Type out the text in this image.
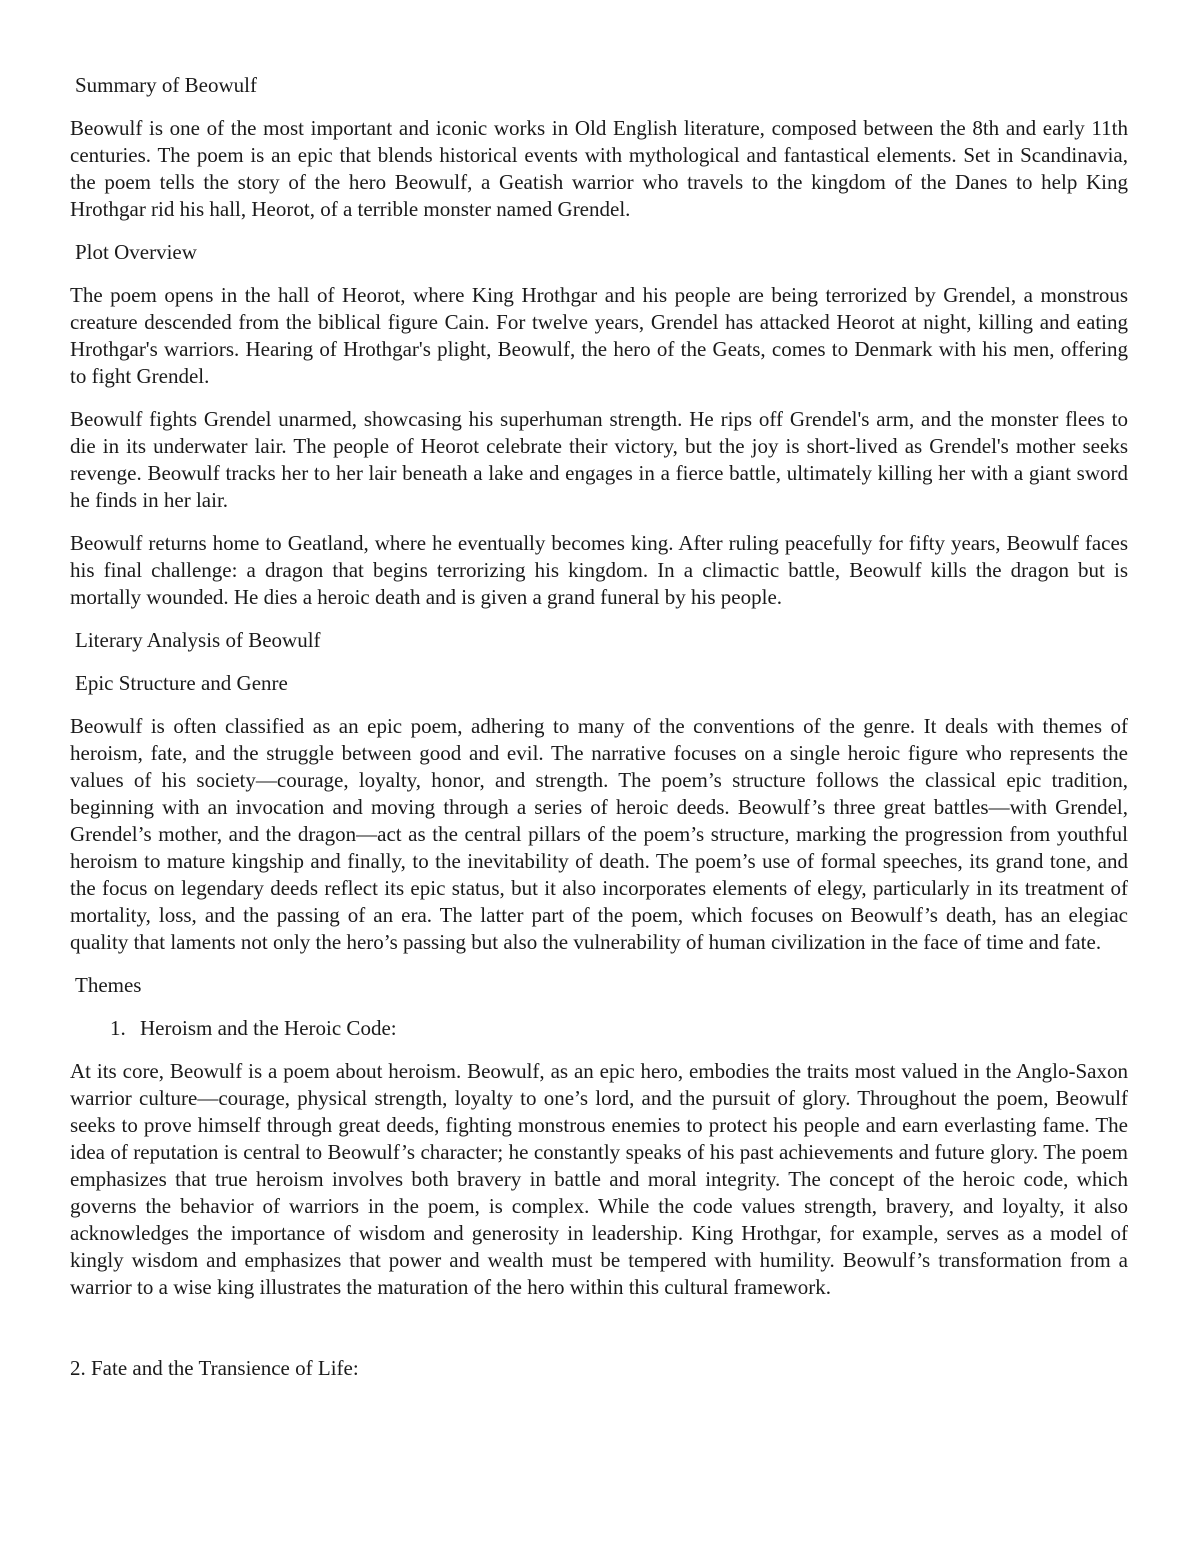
Summary of Beowulf
Beowulf is one of the most important and iconic works in Old English literature, composed between the 8th and early 11th centuries. The poem is an epic that blends historical events with mythological and fantastical elements. Set in Scandinavia, the poem tells the story of the hero Beowulf, a Geatish warrior who travels to the kingdom of the Danes to help King Hrothgar rid his hall, Heorot, of a terrible monster named Grendel.
Plot Overview
The poem opens in the hall of Heorot, where King Hrothgar and his people are being terrorized by Grendel, a monstrous creature descended from the biblical figure Cain. For twelve years, Grendel has attacked Heorot at night, killing and eating Hrothgar's warriors. Hearing of Hrothgar's plight, Beowulf, the hero of the Geats, comes to Denmark with his men, offering to fight Grendel.
Beowulf fights Grendel unarmed, showcasing his superhuman strength. He rips off Grendel's arm, and the monster flees to die in its underwater lair. The people of Heorot celebrate their victory, but the joy is short-lived as Grendel's mother seeks revenge. Beowulf tracks her to her lair beneath a lake and engages in a fierce battle, ultimately killing her with a giant sword he finds in her lair.
Beowulf returns home to Geatland, where he eventually becomes king. After ruling peacefully for fifty years, Beowulf faces his final challenge: a dragon that begins terrorizing his kingdom. In a climactic battle, Beowulf kills the dragon but is mortally wounded. He dies a heroic death and is given a grand funeral by his people.
Literary Analysis of Beowulf
Epic Structure and Genre
Beowulf is often classified as an epic poem, adhering to many of the conventions of the genre. It deals with themes of heroism, fate, and the struggle between good and evil. The narrative focuses on a single heroic figure who represents the values of his society—courage, loyalty, honor, and strength. The poem’s structure follows the classical epic tradition, beginning with an invocation and moving through a series of heroic deeds. Beowulf’s three great battles—with Grendel, Grendel’s mother, and the dragon—act as the central pillars of the poem’s structure, marking the progression from youthful heroism to mature kingship and finally, to the inevitability of death. The poem’s use of formal speeches, its grand tone, and the focus on legendary deeds reflect its epic status, but it also incorporates elements of elegy, particularly in its treatment of mortality, loss, and the passing of an era. The latter part of the poem, which focuses on Beowulf’s death, has an elegiac quality that laments not only the hero’s passing but also the vulnerability of human civilization in the face of time and fate.
Themes
1. Heroism and the Heroic Code:
At its core, Beowulf is a poem about heroism. Beowulf, as an epic hero, embodies the traits most valued in the Anglo-Saxon warrior culture—courage, physical strength, loyalty to one’s lord, and the pursuit of glory. Throughout the poem, Beowulf seeks to prove himself through great deeds, fighting monstrous enemies to protect his people and earn everlasting fame. The idea of reputation is central to Beowulf’s character; he constantly speaks of his past achievements and future glory. The poem emphasizes that true heroism involves both bravery in battle and moral integrity. The concept of the heroic code, which governs the behavior of warriors in the poem, is complex. While the code values strength, bravery, and loyalty, it also acknowledges the importance of wisdom and generosity in leadership. King Hrothgar, for example, serves as a model of kingly wisdom and emphasizes that power and wealth must be tempered with humility. Beowulf’s transformation from a warrior to a wise king illustrates the maturation of the hero within this cultural framework.
2. Fate and the Transience of Life:
